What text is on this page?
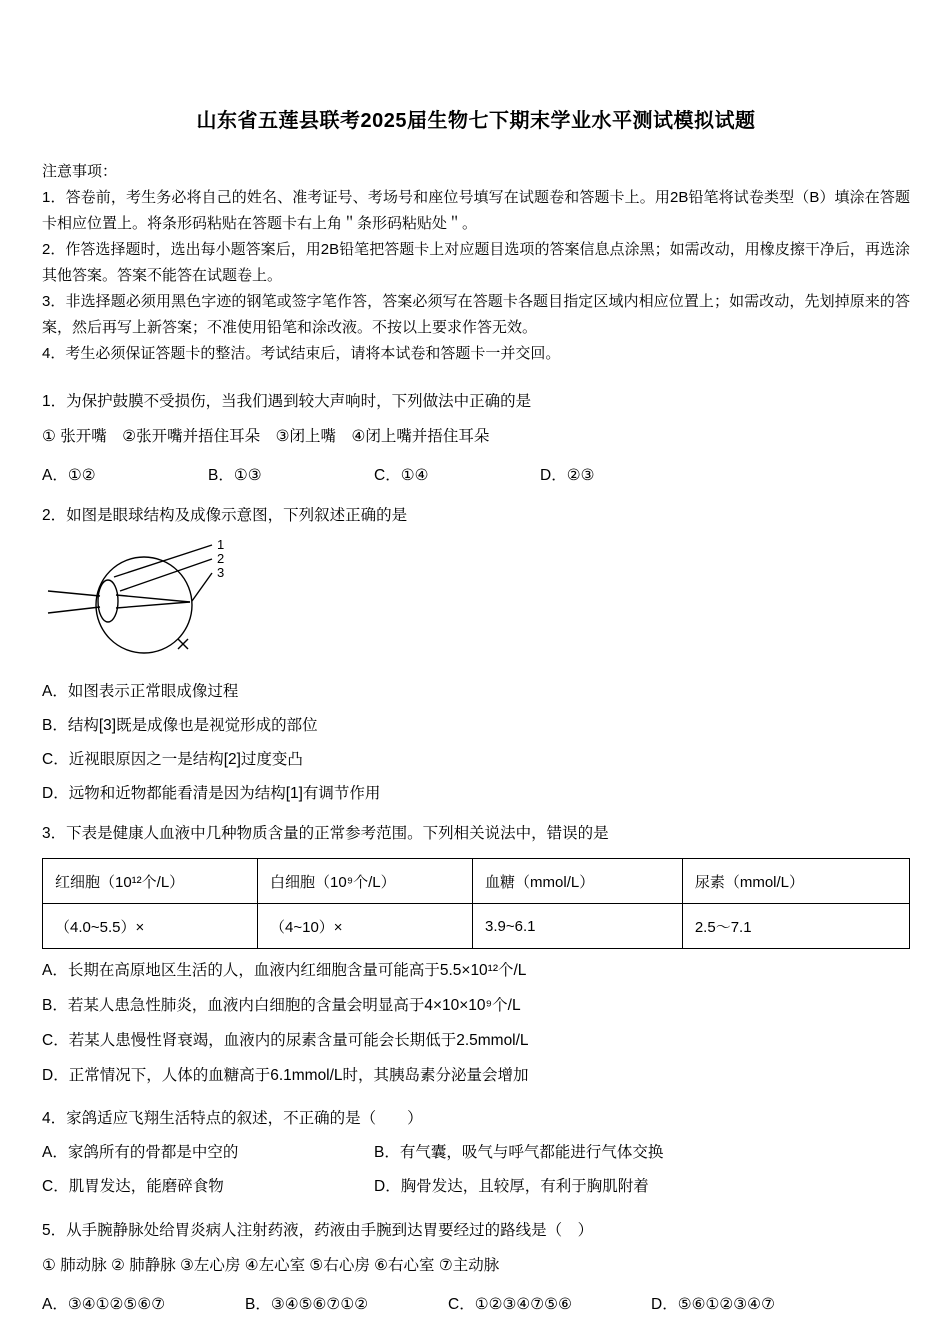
山东省五莲县联考2025届生物七下期末学业水平测试模拟试题
注意事项：

1．答卷前，考生务必将自己的姓名、准考证号、考场号和座位号填写在试题卷和答题卡上。用2B铅笔将试卷类型（B）填涂在答题卡相应位置上。将条形码粘贴在答题卡右上角＂条形码粘贴处＂。

2．作答选择题时，选出每小题答案后，用2B铅笔把答题卡上对应题目选项的答案信息点涂黑；如需改动，用橡皮擦干净后，再选涂其他答案。答案不能答在试题卷上。

3．非选择题必须用黑色字迹的钢笔或签字笔作答，答案必须写在答题卡各题目指定区域内相应位置上；如需改动，先划掉原来的答案，然后再写上新答案；不准使用铅笔和涂改液。不按以上要求作答无效。

4．考生必须保证答题卡的整洁。考试结束后，请将本试卷和答题卡一并交回。

1．为保护鼓膜不受损伤，当我们遇到较大声响时，下列做法中正确的是
① 张开嘴　②张开嘴并捂住耳朵　③闭上嘴　④闭上嘴并捂住耳朵
A．①②	B．①③	C．①④	D．②③
2．如图是眼球结构及成像示意图，下列叙述正确的是
1
2
3
A．如图表示正常眼成像过程
B．结构[3]既是成像也是视觉形成的部位
C．近视眼原因之一是结构[2]过度变凸
D．远物和近物都能看清是因为结构[1]有调节作用
3．下表是健康人血液中几种物质含量的正常参考范围。下列相关说法中，错误的是
红细胞（10¹²个/L）	白细胞（10⁹个/L）	血糖（mmol/L）	尿素（mmol/L）
（4.0~5.5）×	（4~10）×	3.9~6.1	2.5～7.1
A．长期在高原地区生活的人，血液内红细胞含量可能高于5.5×10¹²个/L
B．若某人患急性肺炎，血液内白细胞的含量会明显高于4×10×10⁹个/L
C．若某人患慢性肾衰竭，血液内的尿素含量可能会长期低于2.5mmol/L
D．正常情况下，人体的血糖高于6.1mmol/L时，其胰岛素分泌量会增加
4．家鸽适应飞翔生活特点的叙述，不正确的是（　　）
A．家鸽所有的骨都是中空的	B．有气囊，吸气与呼气都能进行气体交换
C．肌胃发达，能磨碎食物	D．胸骨发达，且较厚，有利于胸肌附着
5．从手腕静脉处给胃炎病人注射药液，药液由手腕到达胃要经过的路线是（　）
① 肺动脉 ② 肺静脉 ③左心房 ④左心室 ⑤右心房 ⑥右心室 ⑦主动脉
A．③④①②⑤⑥⑦	B．③④⑤⑥⑦①②	C．①②③④⑦⑤⑥	D．⑤⑥①②③④⑦
